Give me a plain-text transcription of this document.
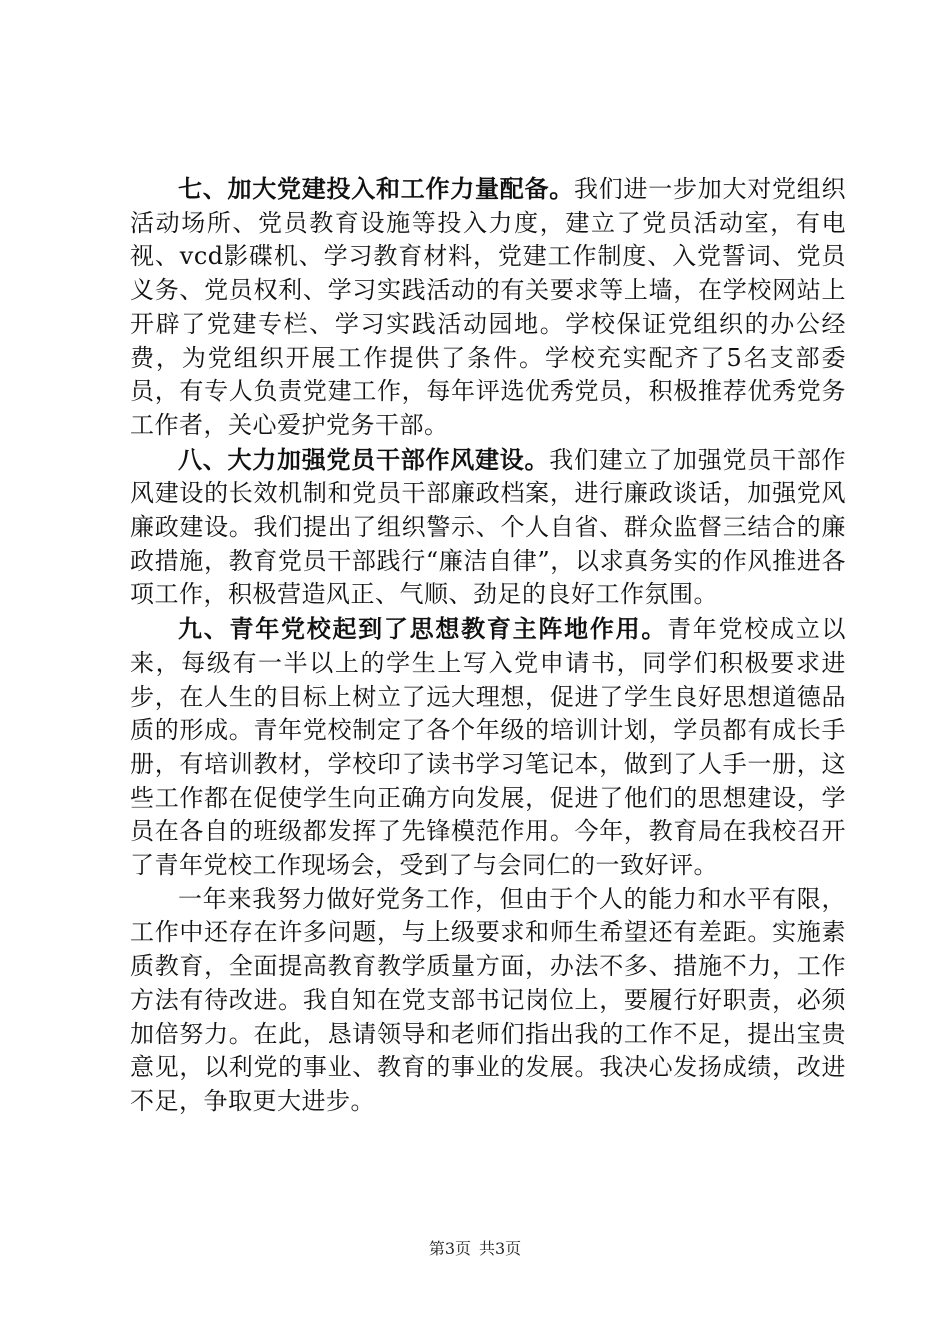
七、加大党建投入和工作力量配备。我们进一步加大对党组织活动场所、党员教育设施等投入力度，建立了党员活动室，有电视、vcd影碟机、学习教育材料，党建工作制度、入党誓词、党员义务、党员权利、学习实践活动的有关要求等上墙，在学校网站上开辟了党建专栏、学习实践活动园地。学校保证党组织的办公经费，为党组织开展工作提供了条件。学校充实配齐了5名支部委员，有专人负责党建工作，每年评选优秀党员，积极推荐优秀党务工作者，关心爱护党务干部。

八、大力加强党员干部作风建设。我们建立了加强党员干部作风建设的长效机制和党员干部廉政档案，进行廉政谈话，加强党风廉政建设。我们提出了组织警示、个人自省、群众监督三结合的廉政措施，教育党员干部践行“廉洁自律”，以求真务实的作风推进各项工作，积极营造风正、气顺、劲足的良好工作氛围。

九、青年党校起到了思想教育主阵地作用。青年党校成立以来，每级有一半以上的学生上写入党申请书，同学们积极要求进步，在人生的目标上树立了远大理想，促进了学生良好思想道德品质的形成。青年党校制定了各个年级的培训计划，学员都有成长手册，有培训教材，学校印了读书学习笔记本，做到了人手一册，这些工作都在促使学生向正确方向发展，促进了他们的思想建设，学员在各自的班级都发挥了先锋模范作用。今年，教育局在我校召开了青年党校工作现场会，受到了与会同仁的一致好评。

一年来我努力做好党务工作，但由于个人的能力和水平有限，工作中还存在许多问题，与上级要求和师生希望还有差距。实施素质教育，全面提高教育教学质量方面，办法不多、措施不力，工作方法有待改进。我自知在党支部书记岗位上，要履行好职责，必须加倍努力。在此，恳请领导和老师们指出我的工作不足，提出宝贵意见，以利党的事业、教育的事业的发展。我决心发扬成绩，改进不足，争取更大进步。

第3页 共3页
